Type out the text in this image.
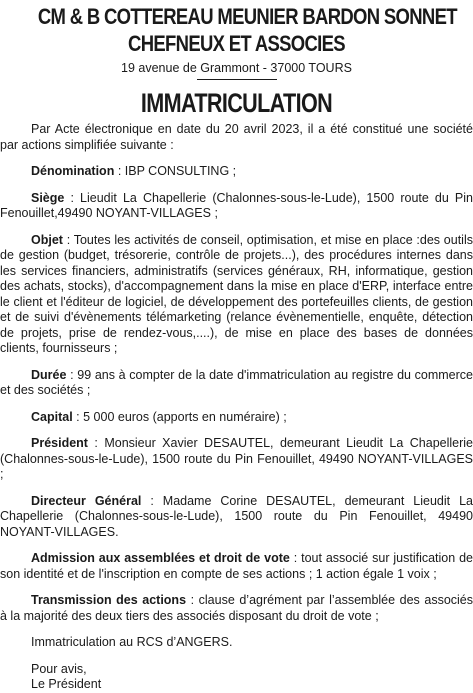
CM & B COTTEREAU MEUNIER BARDON SONNET
CHEFNEUX ET ASSOCIES
19 avenue de Grammont - 37000 TOURS
IMMATRICULATION

Par Acte électronique en date du 20 avril 2023, il a été constitué une société par actions simplifiée suivante :

Dénomination : IBP CONSULTING ;

Siège : Lieudit La Chapellerie (Chalonnes-sous-le-Lude), 1500 route du Pin Fenouillet,49490 NOYANT-VILLAGES ;

Objet : Toutes les activités de conseil, optimisation, et mise en place :des outils de gestion (budget, trésorerie, contrôle de projets...), des procédures internes dans les services financiers, administratifs (services généraux, RH, informatique, gestion des achats, stocks), d'accompagnement dans la mise en place d'ERP, interface entre le client et l'éditeur de logiciel, de développement des portefeuilles clients, de gestion et de suivi d'évènements télémarketing (relance évènementielle, enquête, détection de projets, prise de rendez-vous,....), de mise en place des bases de données clients, fournisseurs ;

Durée : 99 ans à compter de la date d'immatriculation au registre du commerce et des sociétés ;

Capital : 5 000 euros (apports en numéraire) ;

Président : Monsieur Xavier DESAUTEL, demeurant Lieudit La Chapellerie (Chalonnes-sous-le-Lude), 1500 route du Pin Fenouillet, 49490 NOYANT-VILLAGES ;

Directeur Général : Madame Corine DESAUTEL, demeurant Lieudit La Chapellerie (Chalonnes-sous-le-Lude), 1500 route du Pin Fenouillet, 49490 NOYANT-VILLAGES.

Admission aux assemblées et droit de vote : tout associé sur justification de son identité et de l'inscription en compte de ses actions ; 1 action égale 1 voix ;

Transmission des actions : clause d’agrément par l’assemblée des associés à la majorité des deux tiers des associés disposant du droit de vote ;

Immatriculation au RCS d’ANGERS.

Pour avis,
Le Président
